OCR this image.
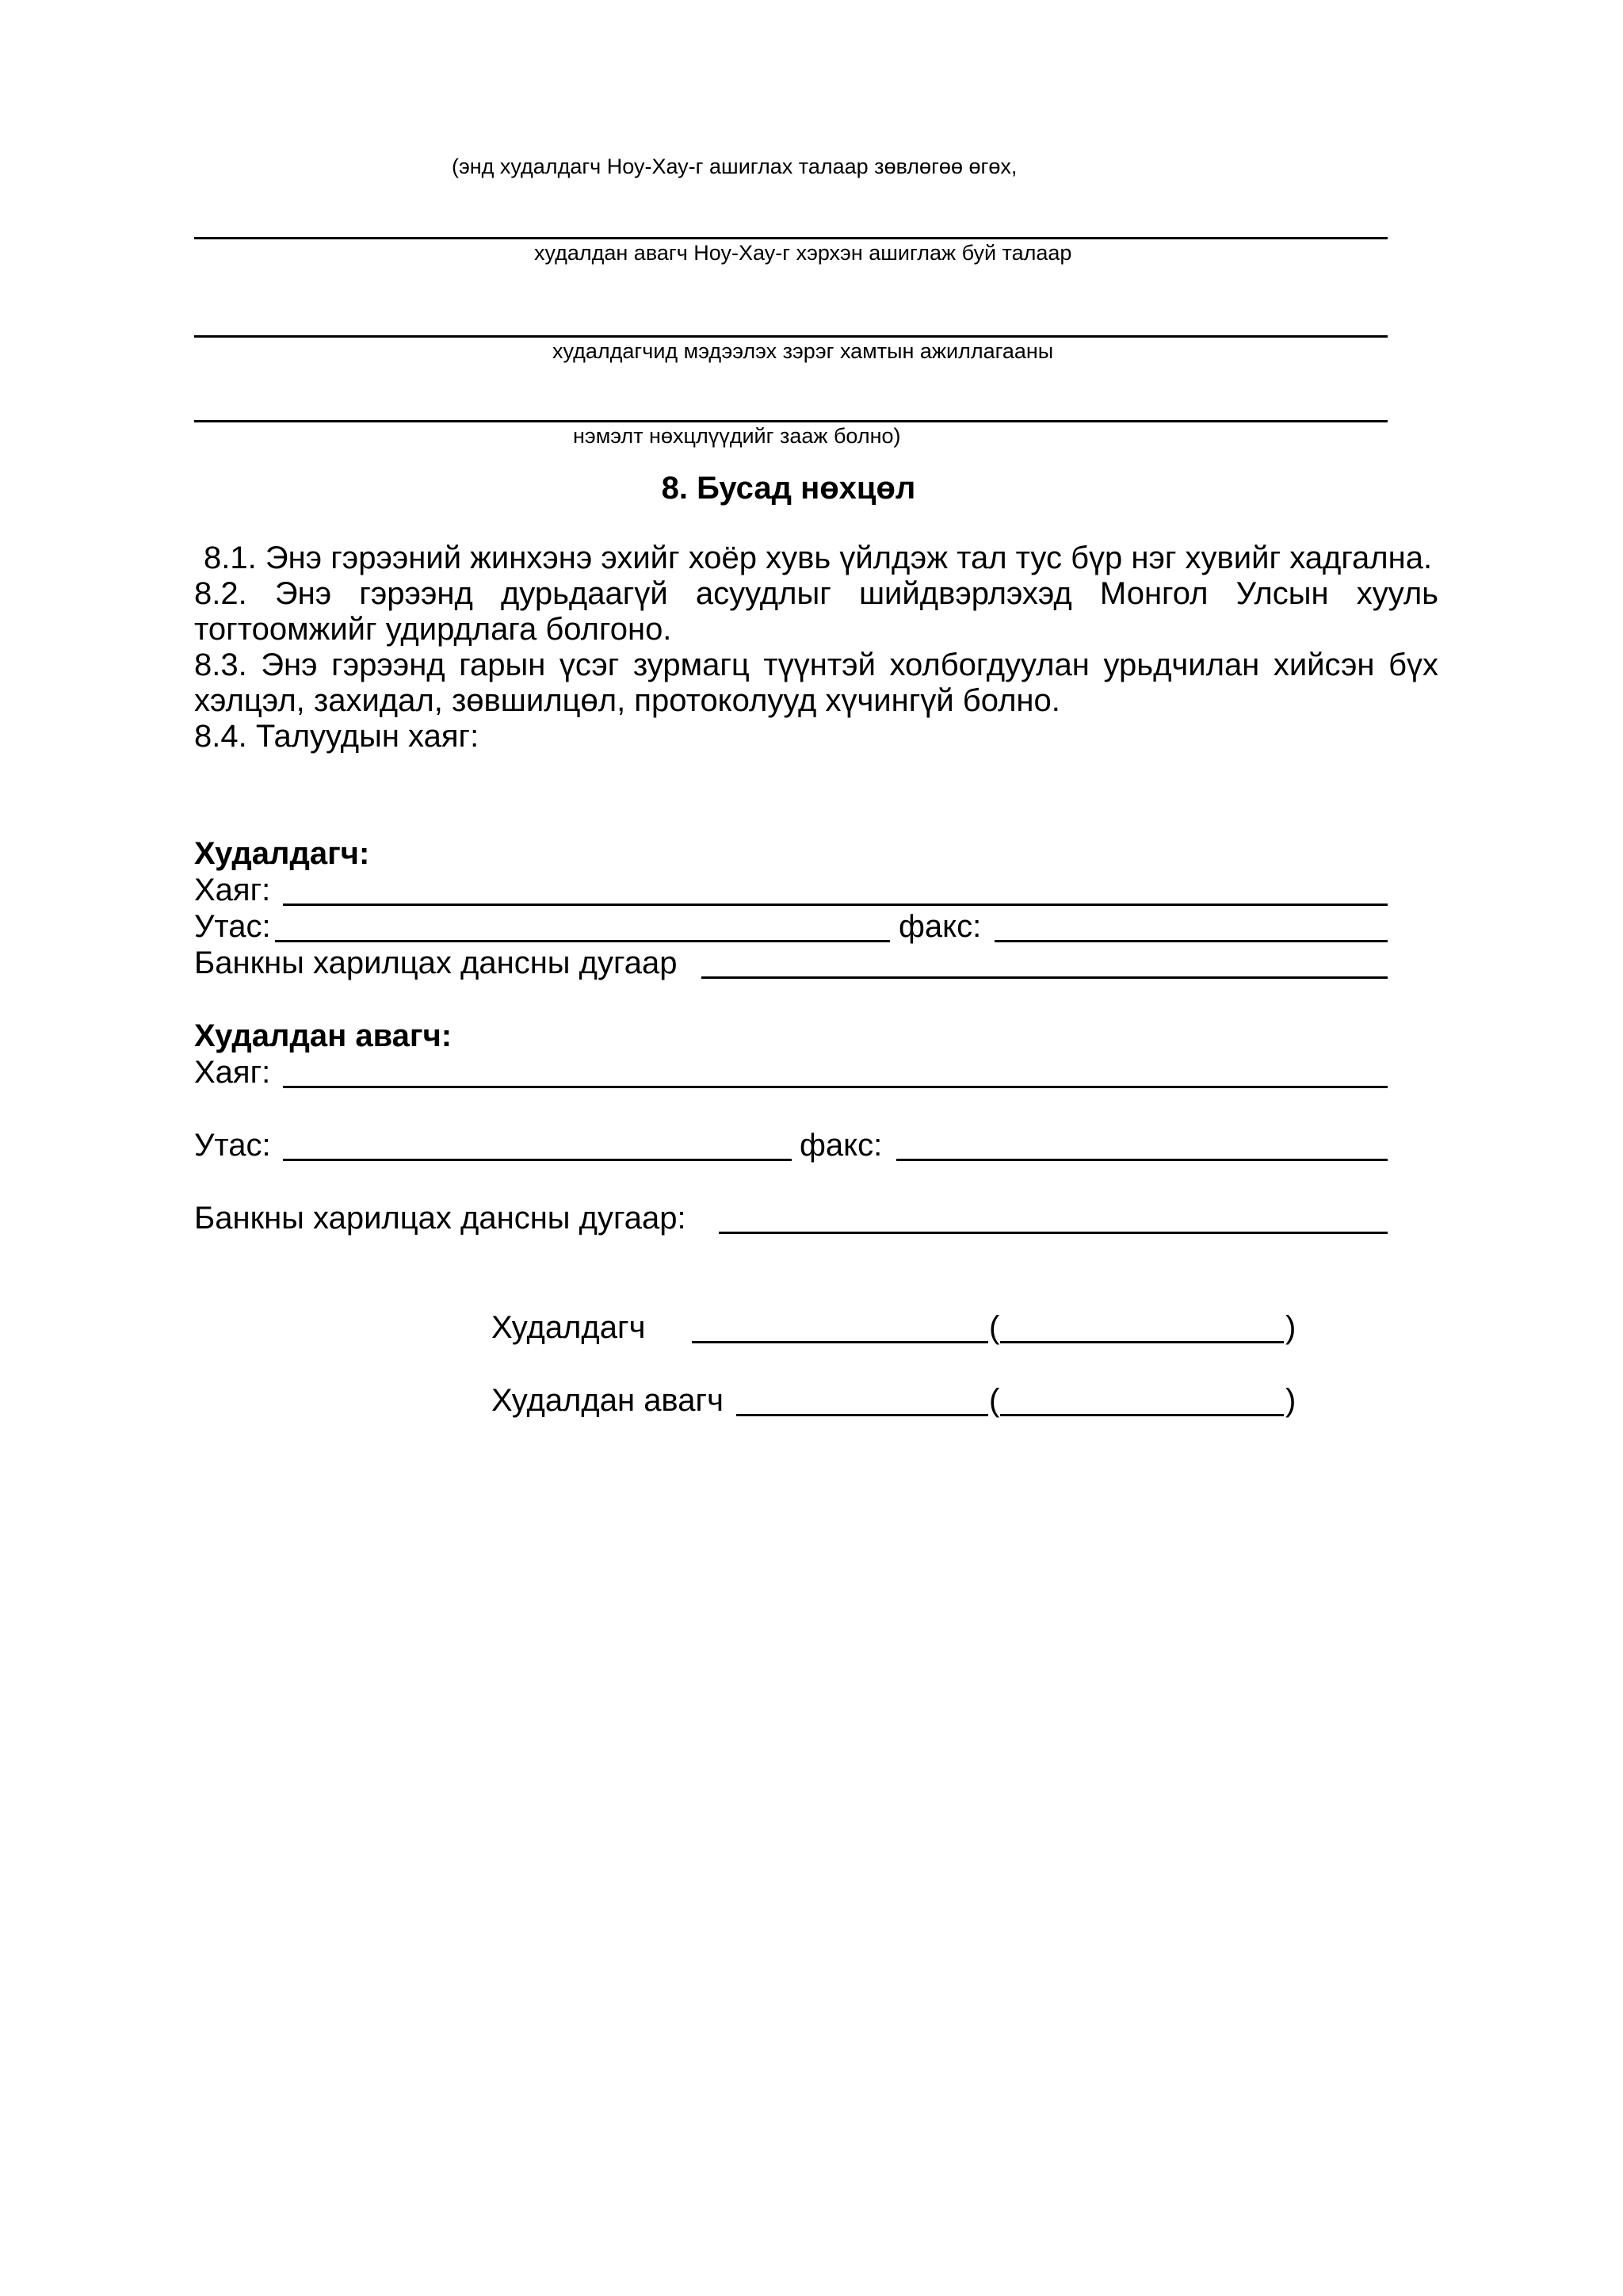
(энд худалдагч Ноу-Хау-г ашиглах талаар зөвлөгөө өгөх,
худалдан авагч Ноу-Хау-г хэрхэн ашиглаж буй талаар
худалдагчид мэдээлэх зэрэг хамтын ажиллагааны
нэмэлт нөхцлүүдийг зааж болно)
8. Бусад нөхцөл

8.1. Энэ гэрээний жинхэнэ эхийг хоёр хувь үйлдэж тал тус бүр нэг хувийг хадгална.

8.2. Энэ гэрээнд дурьдаагүй асуудлыг шийдвэрлэхэд Монгол Улсын хууль тогтоомжийг удирдлага болгоно.

8.3. Энэ гэрээнд гарын үсэг зурмагц түүнтэй холбогдуулан урьдчилан хийсэн бүх хэлцэл, захидал, зөвшилцөл, протоколууд хүчингүй болно.

8.4. Талуудын хаяг:

Худалдагч:
Хаяг:
Утас:	факс:
Банкны харилцах дансны дугаар
Худалдан авагч:
Хаяг:
Утас:	факс:
Банкны харилцах дансны дугаар:
Худалдагч	(	)
Худалдан авагч	(	)
